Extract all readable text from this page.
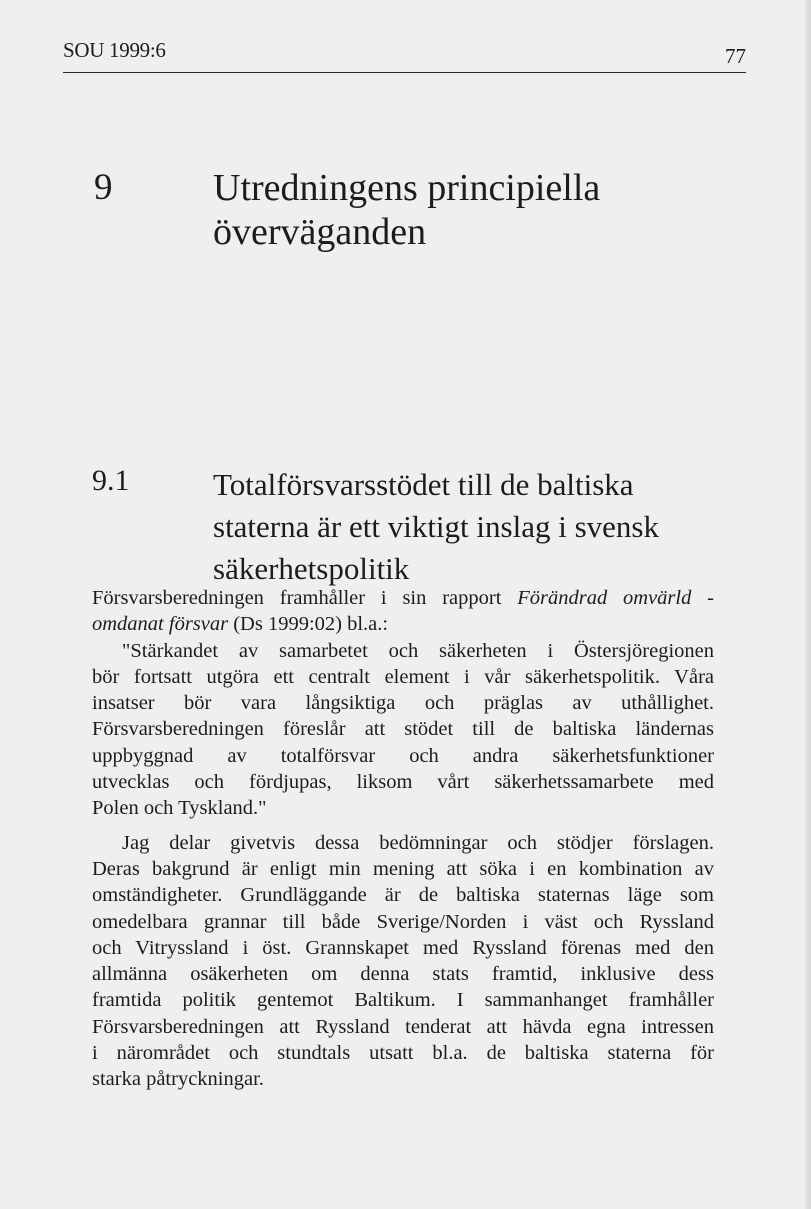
SOU 1999:6	77
9	Utredningens principiella
överväganden
9.1	Totalförsvarsstödet till de baltiska
staterna är ett viktigt inslag i svensk
säkerhetspolitik

Försvarsberedningen framhåller i sin rapport Förändrad omvärld -
omdanat försvar (Ds 1999:02) bl.a.:

"Stärkandet av samarbetet och säkerheten i Östersjöregionen
bör fortsatt utgöra ett centralt element i vår säkerhetspolitik. Våra
insatser bör vara långsiktiga och präglas av uthållighet.
Försvarsberedningen föreslår att stödet till de baltiska ländernas
uppbyggnad av totalförsvar och andra säkerhetsfunktioner
utvecklas och fördjupas, liksom vårt säkerhetssamarbete med
Polen och Tyskland."

Jag delar givetvis dessa bedömningar och stödjer förslagen.
Deras bakgrund är enligt min mening att söka i en kombination av
omständigheter. Grundläggande är de baltiska staternas läge som
omedelbara grannar till både Sverige/Norden i väst och Ryssland
och Vitryssland i öst. Grannskapet med Ryssland förenas med den
allmänna osäkerheten om denna stats framtid, inklusive dess
framtida politik gentemot Baltikum. I sammanhanget framhåller
Försvarsberedningen att Ryssland tenderat att hävda egna intressen
i närområdet och stundtals utsatt bl.a. de baltiska staterna för
starka påtryckningar.
